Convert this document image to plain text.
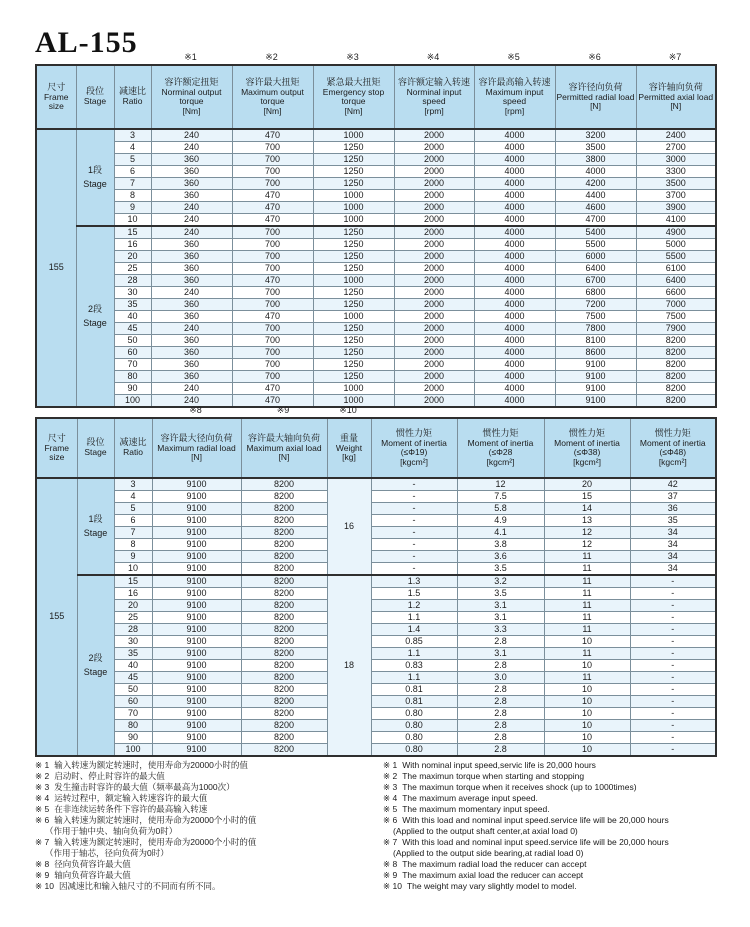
AL-155	※1	※2	※3	※4	※5	※6	※7
尺寸
Frame size	段位
Stage	减速比
Ratio	容许额定扭矩
Norminal output torque
[Nm]	容许最大扭矩
Maximum output torque
[Nm]	紧急最大扭矩
Emergency stop torque
[Nm]	容许额定输入转速
Norminal input speed
[rpm]	容许最高输入转速
Maximum input speed
[rpm]	容许径向负荷
Permitted radial load
[N]	容许轴向负荷
Permitted axial load
[N]

155	1段
Stage	3	240	470	1000	2000	4000	3200	2400
		4	240	700	1250	2000	4000	3500	2700
		5	360	700	1250	2000	4000	3800	3000
		6	360	700	1250	2000	4000	4000	3300
		7	360	700	1250	2000	4000	4200	3500
		8	360	470	1000	2000	4000	4400	3700
		9	240	470	1000	2000	4000	4600	3900
		10	240	470	1000	2000	4000	4700	4100

	2段
Stage	15	240	700	1250	2000	4000	5400	4900
		16	360	700	1250	2000	4000	5500	5000
		20	360	700	1250	2000	4000	6000	5500
		25	360	700	1250	2000	4000	6400	6100
		28	360	470	1000	2000	4000	6700	6400
		30	240	700	1250	2000	4000	6800	6600
		35	360	700	1250	2000	4000	7200	7000
		40	360	470	1000	2000	4000	7500	7500
		45	240	700	1250	2000	4000	7800	7900
		50	360	700	1250	2000	4000	8100	8200
		60	360	700	1250	2000	4000	8600	8200
		70	360	700	1250	2000	4000	9100	8200
		80	360	700	1250	2000	4000	9100	8200
		90	240	470	1000	2000	4000	9100	8200
		100	240	470	1000	2000	4000	9100	8200
※8	※9	※10
尺寸
Frame size	段位
Stage	减速比
Ratio	容许最大径向负荷
Maximum radial load
[N]	容许最大轴向负荷
Maximum axial load
[N]	重量
Weight
[kg]	惯性力矩
Moment of inertia
(≤Φ19)
[kgcm²]	惯性力矩
Moment of inertia
(≤Φ28
[kgcm²]	惯性力矩
Moment of inertia
(≤Φ38)
[kgcm²]	惯性力矩
Moment of inertia
(≤Φ48)
[kgcm²]

155	1段
Stage	3	9100	8200	16	-	12	20	42
		4	9100	8200		-	7.5	15	37
		5	9100	8200		-	5.8	14	36
		6	9100	8200		-	4.9	13	35
		7	9100	8200		-	4.1	12	34
		8	9100	8200		-	3.8	12	34
		9	9100	8200		-	3.6	11	34
		10	9100	8200		-	3.5	11	34

	2段
Stage	15	9100	8200	18	1.3	3.2	11	-
		16	9100	8200		1.5	3.5	11	-
		20	9100	8200		1.2	3.1	11	-
		25	9100	8200		1.1	3.1	11	-
		28	9100	8200		1.4	3.3	11	-
		30	9100	8200		0.85	2.8	10	-
		35	9100	8200		1.1	3.1	11	-
		40	9100	8200		0.83	2.8	10	-
		45	9100	8200		1.1	3.0	11	-
		50	9100	8200		0.81	2.8	10	-
		60	9100	8200		0.81	2.8	10	-
		70	9100	8200		0.80	2.8	10	-
		80	9100	8200		0.80	2.8	10	-
		90	9100	8200		0.80	2.8	10	-
		100	9100	8200		0.80	2.8	10	-
※ 1 输入转速为额定转速时，使用寿命为20000小时的值
※ 2 启动时、停止时容许的最大值
※ 3 发生撞击时容许的最大值（频率最高为1000次）
※ 4 运转过程中，额定输入转速容许的最大值
※ 5 在非连续运转条件下容许的最高输入转速
※ 6 输入转速为额定转速时，使用寿命为20000个小时的值
（作用于轴中央、轴向负荷为0时）
※ 7 输入转速为额定转速时，使用寿命为20000个小时的值
（作用于轴芯，径向负荷为0时）
※ 8 径向负荷容许最大值
※ 9 轴向负荷容许最大值
※ 10 因减速比和输入轴尺寸的不同而有所不同。
※ 1 With nominal input speed,servic life is 20,000 hours
※ 2 The maximun torque when starting and stopping
※ 3 The maximun torque when it receives shock (up to 1000times)
※ 4 The maximum average input speed.
※ 5 The maximum momentary input speed.
※ 6 With this load and nominal input speed.service life will be 20,000 hours
(Applied to the output shaft center,at axial load 0)
※ 7 With this load and nominal input speed.service life will be 20,000 hours
(Applied to the output side bearing,at radial load 0)
※ 8 The maximum radial load the reducer can accept
※ 9 The maximum axial load the reducer can accept
※ 10 The weight may vary slightly model to model.
